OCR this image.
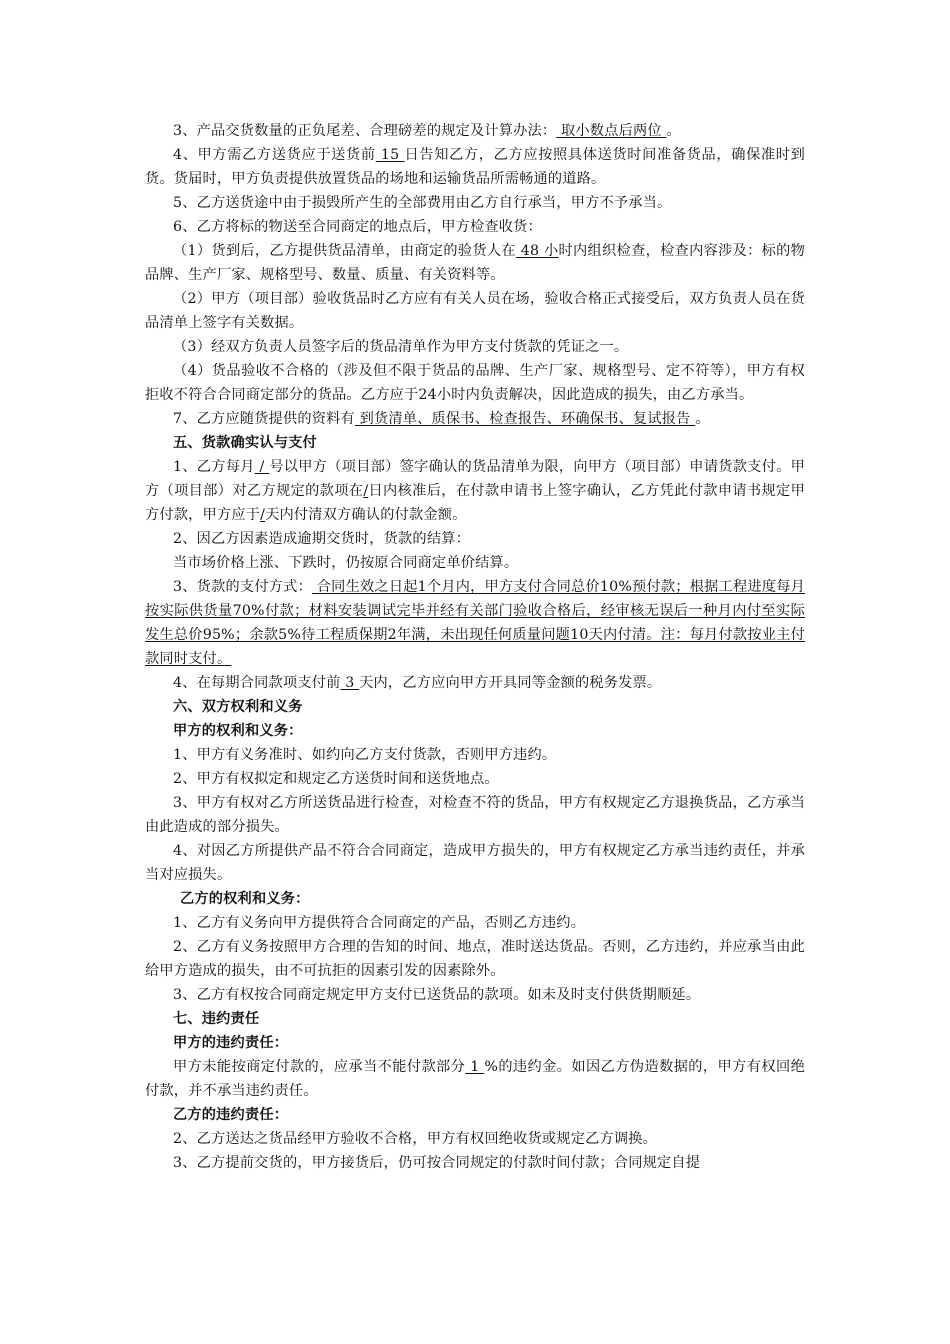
3、产品交货数量的正负尾差、合理磅差的规定及计算办法： 取小数点后两位 。

4、甲方需乙方送货应于送货前 15 日告知乙方，乙方应按照具体送货时间准备货品，确保准时到货。货届时，甲方负责提供放置货品的场地和运输货品所需畅通的道路。

5、乙方送货途中由于损毁所产生的全部费用由乙方自行承当，甲方不予承当。

6、乙方将标的物送至合同商定的地点后，甲方检查收货：

（1）货到后，乙方提供货品清单，由商定的验货人在 48 小时内组织检查，检查内容涉及：标的物品牌、生产厂家、规格型号、数量、质量、有关资料等。

（2）甲方（项目部）验收货品时乙方应有有关人员在场，验收合格正式接受后，双方负责人员在货品清单上签字有关数据。

（3）经双方负责人员签字后的货品清单作为甲方支付货款的凭证之一。

（4）货品验收不合格的（涉及但不限于货品的品牌、生产厂家、规格型号、定不符等），甲方有权拒收不符合合同商定部分的货品。乙方应于24小时内负责解决，因此造成的损失，由乙方承当。

7、乙方应随货提供的资料有 到货清单、质保书、检查报告、环确保书、复试报告 。

五、货款确实认与支付

1、乙方每月 / 号以甲方（项目部）签字确认的货品清单为限，向甲方（项目部）申请货款支付。甲方（项目部）对乙方规定的款项在/日内核准后，在付款申请书上签字确认，乙方凭此付款申请书规定甲方付款，甲方应于/天内付清双方确认的付款金额。

2、因乙方因素造成逾期交货时，货款的结算：

当市场价格上涨、下跌时，仍按原合同商定单价结算。

3、货款的支付方式： 合同生效之日起1个月内，甲方支付合同总价10%预付款；根据工程进度每月按实际供货量70%付款；材料安装调试完毕并经有关部门验收合格后，经审核无误后一种月内付至实际发生总价95%；余款5%待工程质保期2年满，未出现任何质量问题10天内付清。注：每月付款按业主付款同时支付。

4、在每期合同款项支付前 3 天内，乙方应向甲方开具同等金额的税务发票。

六、双方权利和义务

甲方的权利和义务：

1、甲方有义务准时、如约向乙方支付货款，否则甲方违约。

2、甲方有权拟定和规定乙方送货时间和送货地点。

3、甲方有权对乙方所送货品进行检查，对检查不符的货品，甲方有权规定乙方退换货品，乙方承当由此造成的部分损失。

4、对因乙方所提供产品不符合合同商定，造成甲方损失的，甲方有权规定乙方承当违约责任，并承当对应损失。

乙方的权利和义务：

1、乙方有义务向甲方提供符合合同商定的产品，否则乙方违约。

2、乙方有义务按照甲方合理的告知的时间、地点，准时送达货品。否则，乙方违约，并应承当由此给甲方造成的损失，由不可抗拒的因素引发的因素除外。

3、乙方有权按合同商定规定甲方支付已送货品的款项。如未及时支付供货期顺延。

七、违约责任

甲方的违约责任：

甲方未能按商定付款的，应承当不能付款部分 1 %的违约金。如因乙方伪造数据的，甲方有权回绝付款，并不承当违约责任。

乙方的违约责任：

2、乙方送达之货品经甲方验收不合格，甲方有权回绝收货或规定乙方调换。

3、乙方提前交货的，甲方接货后，仍可按合同规定的付款时间付款；合同规定自提
